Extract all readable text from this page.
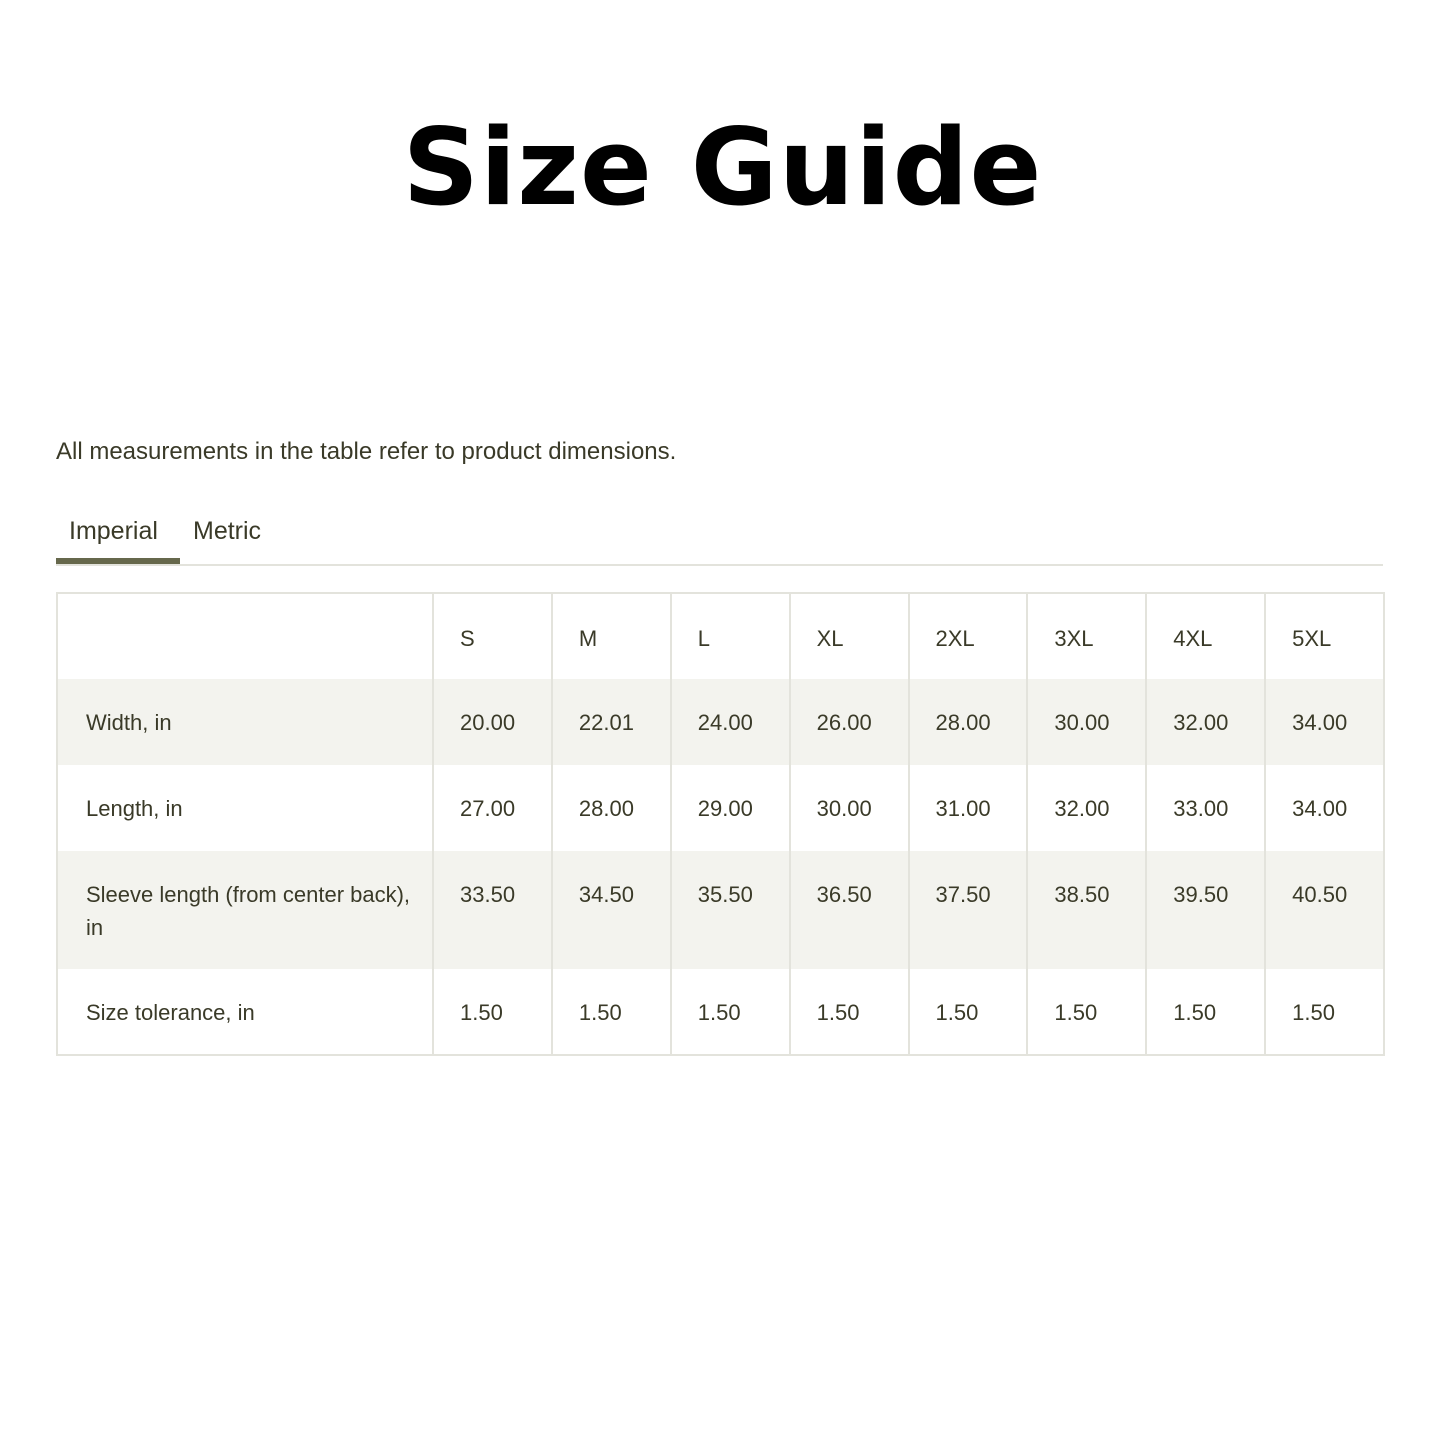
Size Guide

All measurements in the table refer to product dimensions.

Imperial Metric
	S	M	L	XL	2XL	3XL	4XL	5XL
Width, in	20.00	22.01	24.00	26.00	28.00	30.00	32.00	34.00
Length, in	27.00	28.00	29.00	30.00	31.00	32.00	33.00	34.00
Sleeve length (from center back), in	33.50	34.50	35.50	36.50	37.50	38.50	39.50	40.50
Size tolerance, in	1.50	1.50	1.50	1.50	1.50	1.50	1.50	1.50
